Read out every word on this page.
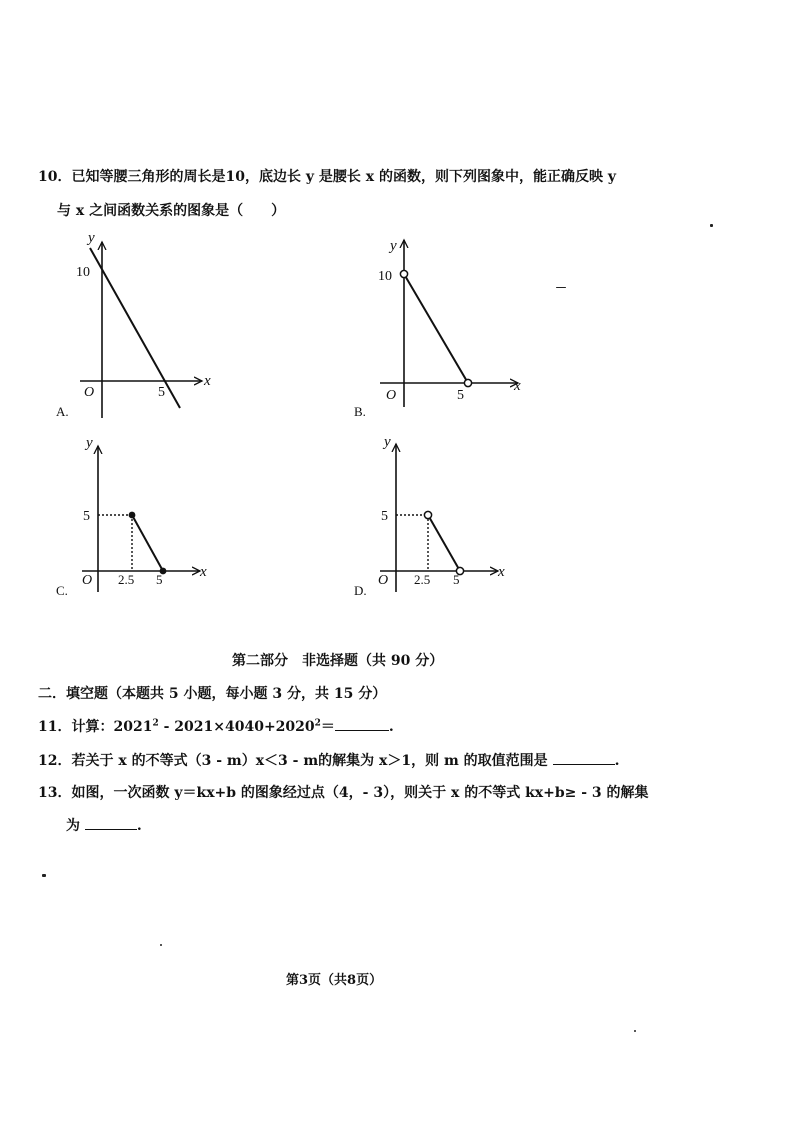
10．已知等腰三角形的周长是10，底边长 y 是腰长 x 的函数，则下列图象中，能正确反映 y
与 x 之间函数关系的图象是（　　）
y
x
O
10
5
A.
y
x
O
10
5
B.
y
x
O
5
2.5 5
C.
y
x
O
5
2.5 5
D.
第二部分　非选择题（共 90 分）
二．填空题（本题共 5 小题，每小题 3 分，共 15 分）
11．计算：$2021^2 - 2021\times 4040+2020^2=$	.
12．若关于 x 的不等式（3 - m）x＜3 - m的解集为 x＞1，则 m 的取值范围是	.
13．如图，一次函数 y＝kx+b 的图象经过点（4，- 3），则关于 x 的不等式 kx+b≥ - 3 的解集
为	.
第3页（共8页）
